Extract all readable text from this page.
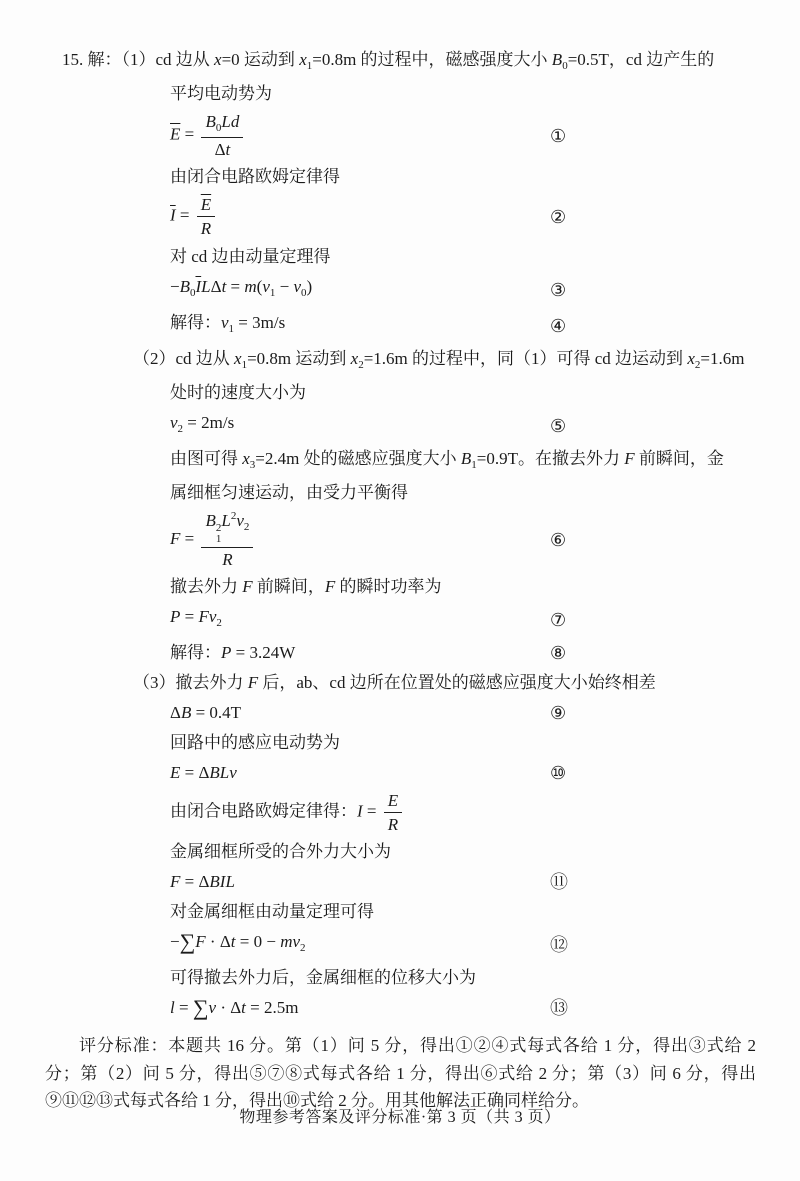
15. 解：（1）cd 边从 x=0 运动到 $x_1=0.8m$ 的过程中，磁感强度大小 $B_0=0.5T$，cd 边产生的
平均电动势为
$\overline{E} = \frac{B_0Ld}{\Delta t}$	①
由闭合电路欧姆定律得
$\overline{I} = \frac{\overline{E}}{R}$	②
对 cd 边由动量定理得
$-B_0\overline{I}L\Delta t = m(v_1 - v_0)$	③
解得：$v_1 = 3m/s$	④
（2）cd 边从 $x_1=0.8m$ 运动到 $x_2=1.6m$ 的过程中，同（1）可得 cd 边运动到 $x_2=1.6m$
处时的速度大小为
$v_2 = 2m/s$	⑤
由图可得 $x_3=2.4m$ 处的磁感应强度大小 $B_1=0.9T$。在撤去外力 F 前瞬间，金
属细框匀速运动，由受力平衡得
F = B 2
1
$L^2v_2$
R	⑥
撤去外力 F 前瞬间，F 的瞬时功率为
$P = Fv_2$	⑦
解得：P = 3.24W	⑧
（3）撤去外力 F 后，ab、cd 边所在位置处的磁感应强度大小始终相差
ΔB = 0.4T	⑨
回路中的感应电动势为
E = ΔBLv	⑩
由闭合电路欧姆定律得：$I = \frac{E}{R}$
金属细框所受的合外力大小为
F = ΔBIL	⑪
对金属细框由动量定理可得
$-\sum F \cdot \Delta t = 0 - mv_2$	⑫
可得撤去外力后，金属细框的位移大小为
l = ∑v · Δt = 2.5m	⑬

评分标准：本题共 16 分。第（1）问 5 分，得出①②④式每式各给 1 分，得出③式给 2 分；第（2）问 5 分，得出⑤⑦⑧式每式各给 1 分，得出⑥式给 2 分；第（3）问 6 分，得出⑨⑪⑫⑬式每式各给 1 分，得出⑩式给 2 分。用其他解法正确同样给分。

物理参考答案及评分标准·第 3 页（共 3 页）
